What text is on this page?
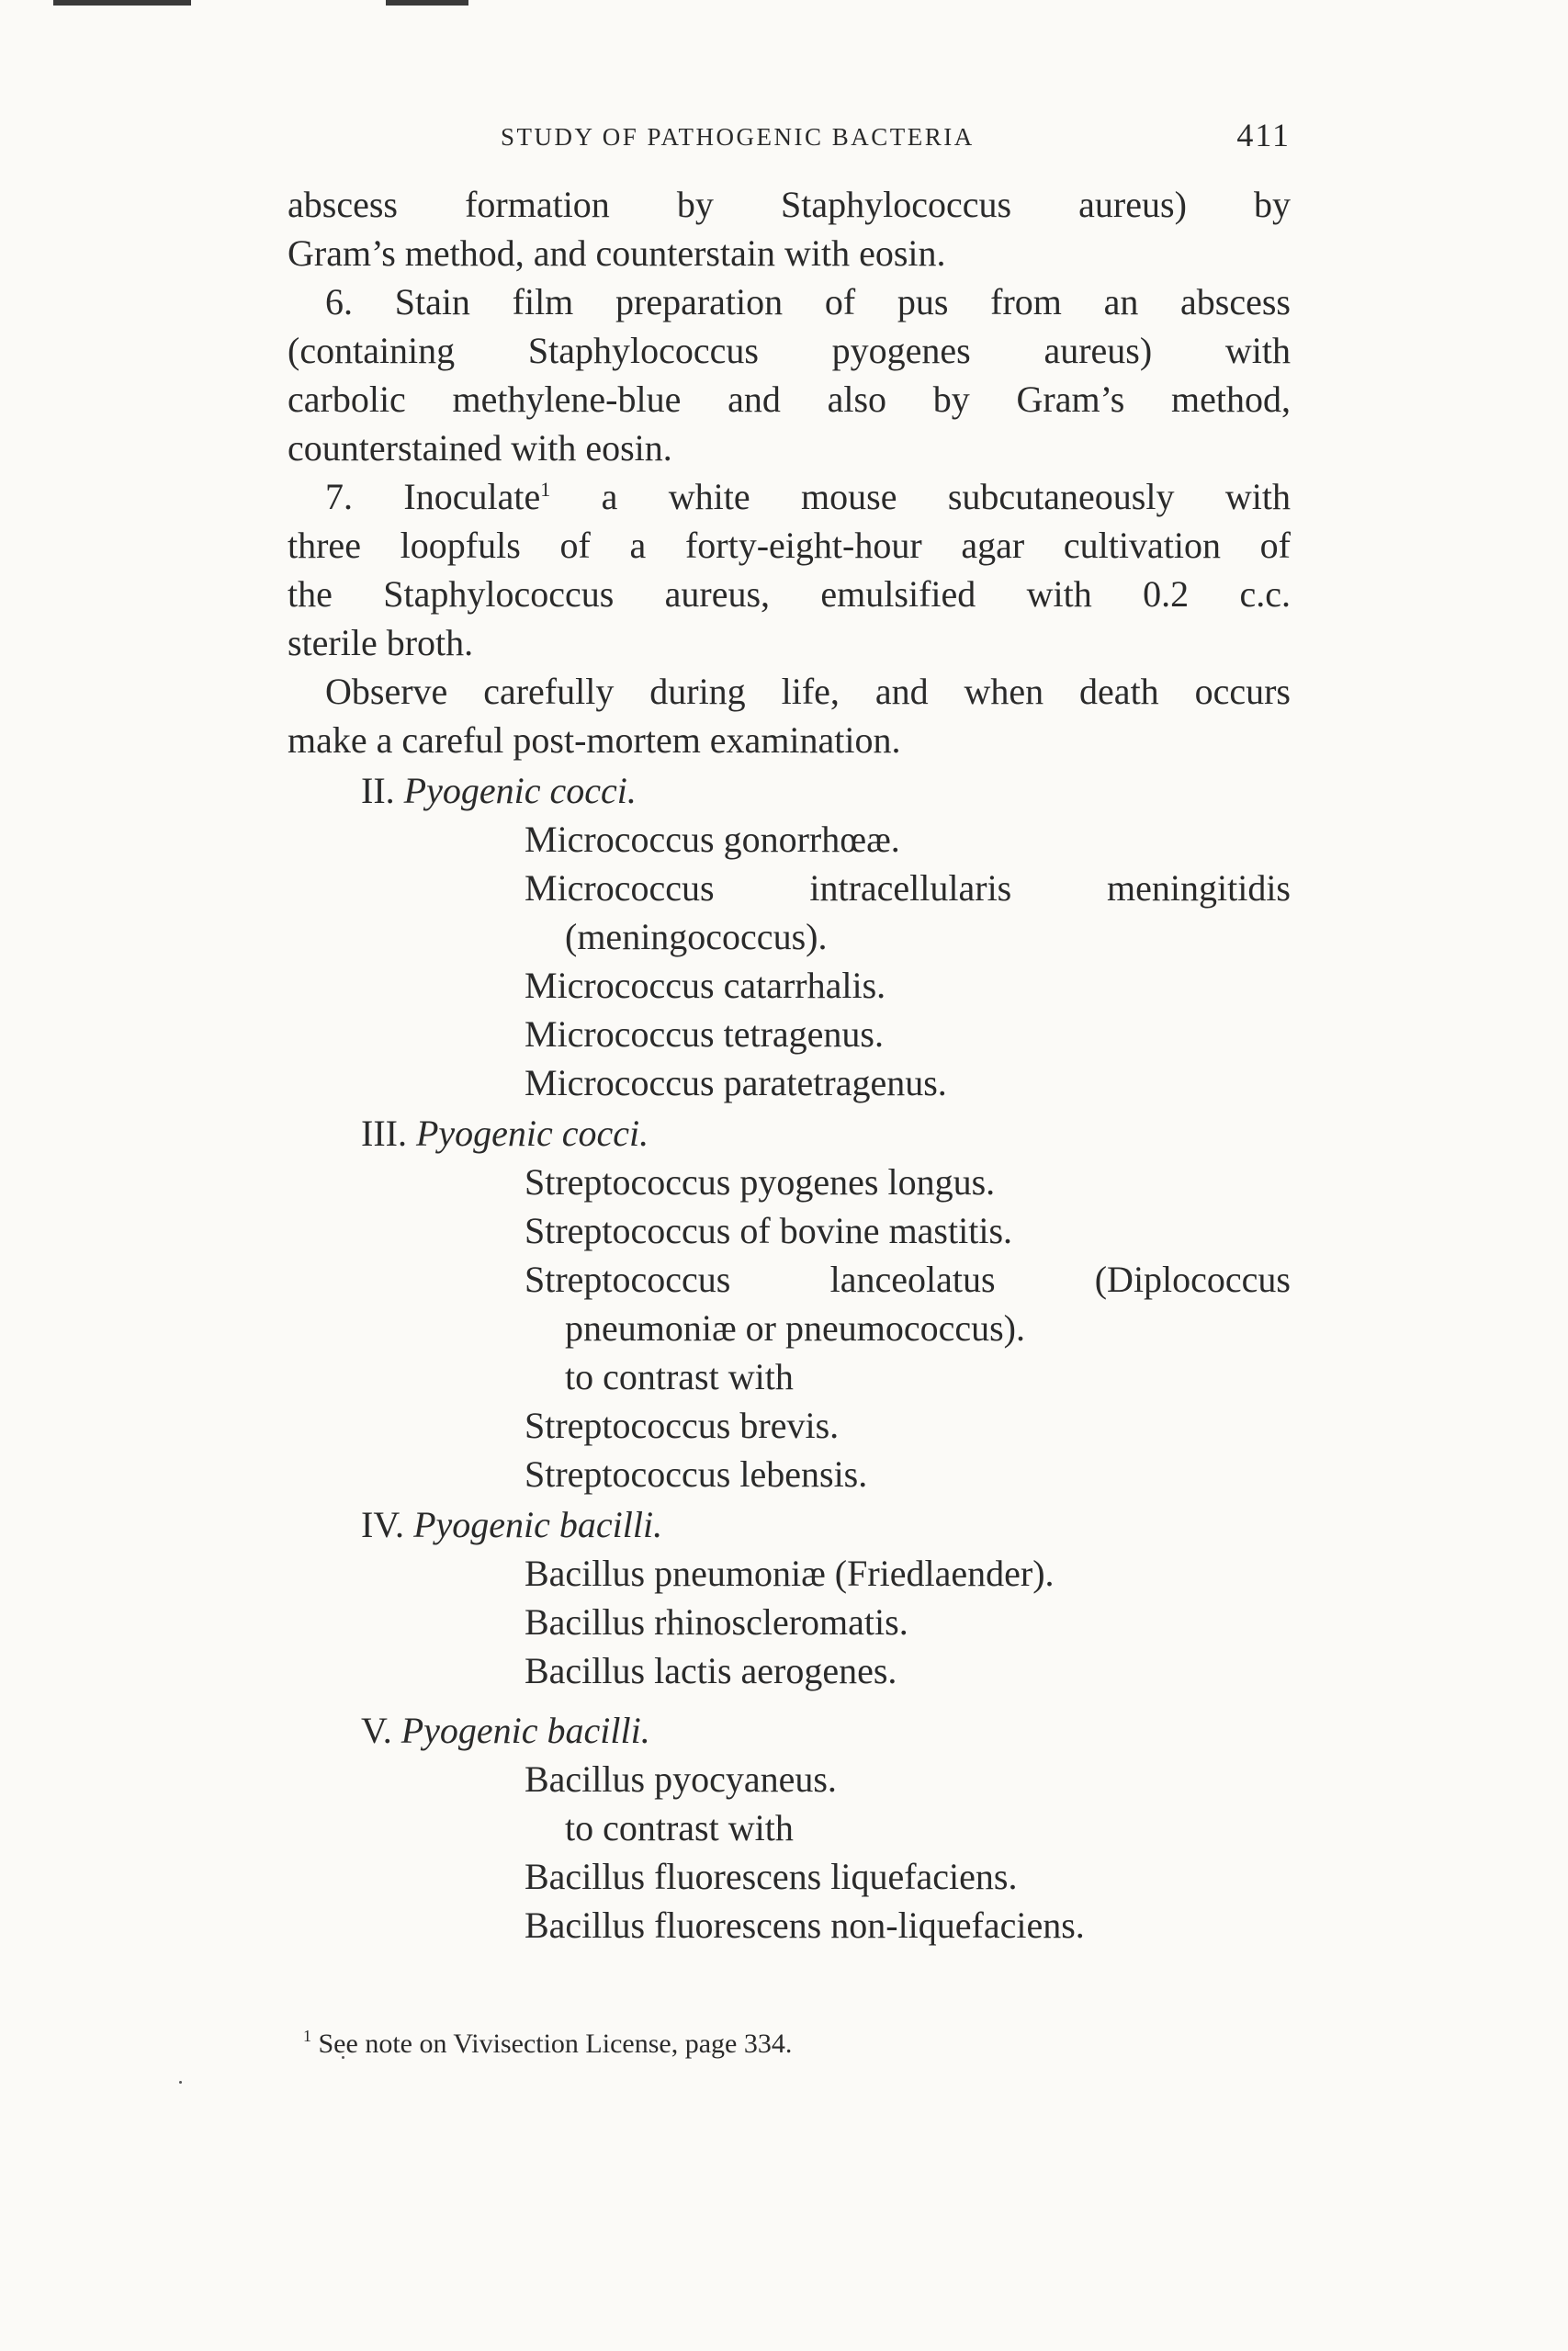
STUDY OF PATHOGENIC BACTERIA	411
abscess formation by Staphylococcus aureus) by
Gram’s method, and counterstain with eosin.
6. Stain film preparation of pus from an abscess
(containing Staphylococcus pyogenes aureus) with
carbolic methylene-blue and also by Gram’s method,
counterstained with eosin.
7. Inoculate$^1$ a white mouse subcutaneously with
three loopfuls of a forty-eight-hour agar cultivation of
the Staphylococcus aureus, emulsified with 0.2 c.c.
sterile broth.
Observe carefully during life, and when death occurs
make a careful post-mortem examination.
II. Pyogenic cocci.
Micrococcus gonorrhœæ.
Micrococcus intracellularis meningitidis
(meningococcus).
Micrococcus catarrhalis.
Micrococcus tetragenus.
Micrococcus paratetragenus.
III. Pyogenic cocci.
Streptococcus pyogenes longus.
Streptococcus of bovine mastitis.
Streptococcus lanceolatus (Diplococcus
pneumoniæ or pneumococcus).
to contrast with
Streptococcus brevis.
Streptococcus lebensis.
IV. Pyogenic bacilli.
Bacillus pneumoniæ (Friedlaender).
Bacillus rhinoscleromatis.
Bacillus lactis aerogenes.
V. Pyogenic bacilli.
Bacillus pyocyaneus.
to contrast with
Bacillus fluorescens liquefaciens.
Bacillus fluorescens non-liquefaciens.
$^1$ See note on Vivisection License, page 334.
